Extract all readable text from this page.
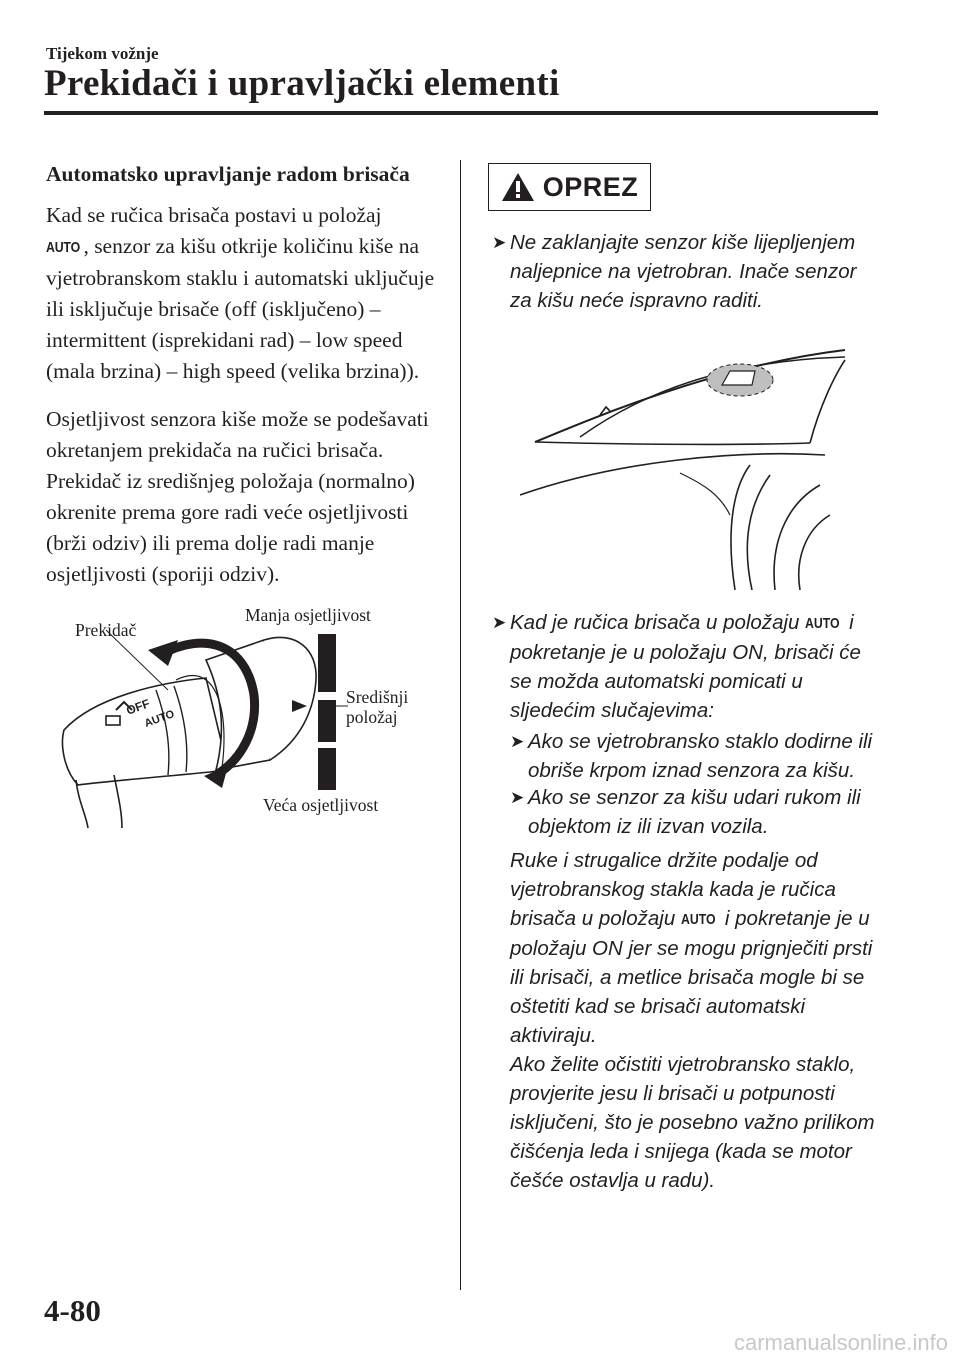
Tijekom vožnje
Prekidači i upravljački elementi

Automatsko upravljanje radom brisača

Kad se ručica brisača postavi u položaj
AUTO , senzor za kišu otkrije količinu kiše na vjetrobranskom staklu i automatski uključuje ili isključuje brisače (off (isključeno) – intermittent (isprekidani rad) – low speed (mala brzina) – high speed (velika brzina)).

Osjetljivost senzora kiše može se podešavati okretanjem prekidača na ručici brisača.

Prekidač iz središnjeg položaja (normalno) okrenite prema gore radi veće osjetljivosti (brži odziv) ili prema dolje radi manje osjetljivosti (sporiji odziv).

OFF
AUTO
Prekidač
Manja osjetljivost
Središnji
položaj
Veća osjetljivost
OPREZ
➤ Ne zaklanjajte senzor kiše lijepljenjem naljepnice na vjetrobran. Inače senzor za kišu neće ispravno raditi.

➤ Kad je ručica brisača u položaju AUTO i pokretanje je u položaju ON, brisači će se možda automatski pomicati u sljedećim slučajevima:

➤ Ako se vjetrobransko staklo dodirne ili obriše krpom iznad senzora za kišu.

➤ Ako se senzor za kišu udari rukom ili objektom iz ili izvan vozila.

Ruke i strugalice držite podalje od vjetrobranskog stakla kada je ručica brisača u položaju AUTO i pokretanje je u položaju ON jer se mogu prignječiti prsti ili brisači, a metlice brisača mogle bi se oštetiti kad se brisači automatski aktiviraju.

Ako želite očistiti vjetrobransko staklo, provjerite jesu li brisači u potpunosti isključeni, što je posebno važno prilikom čišćenja leda i snijega (kada se motor češće ostavlja u radu).

4-80
carmanualsonline.info
